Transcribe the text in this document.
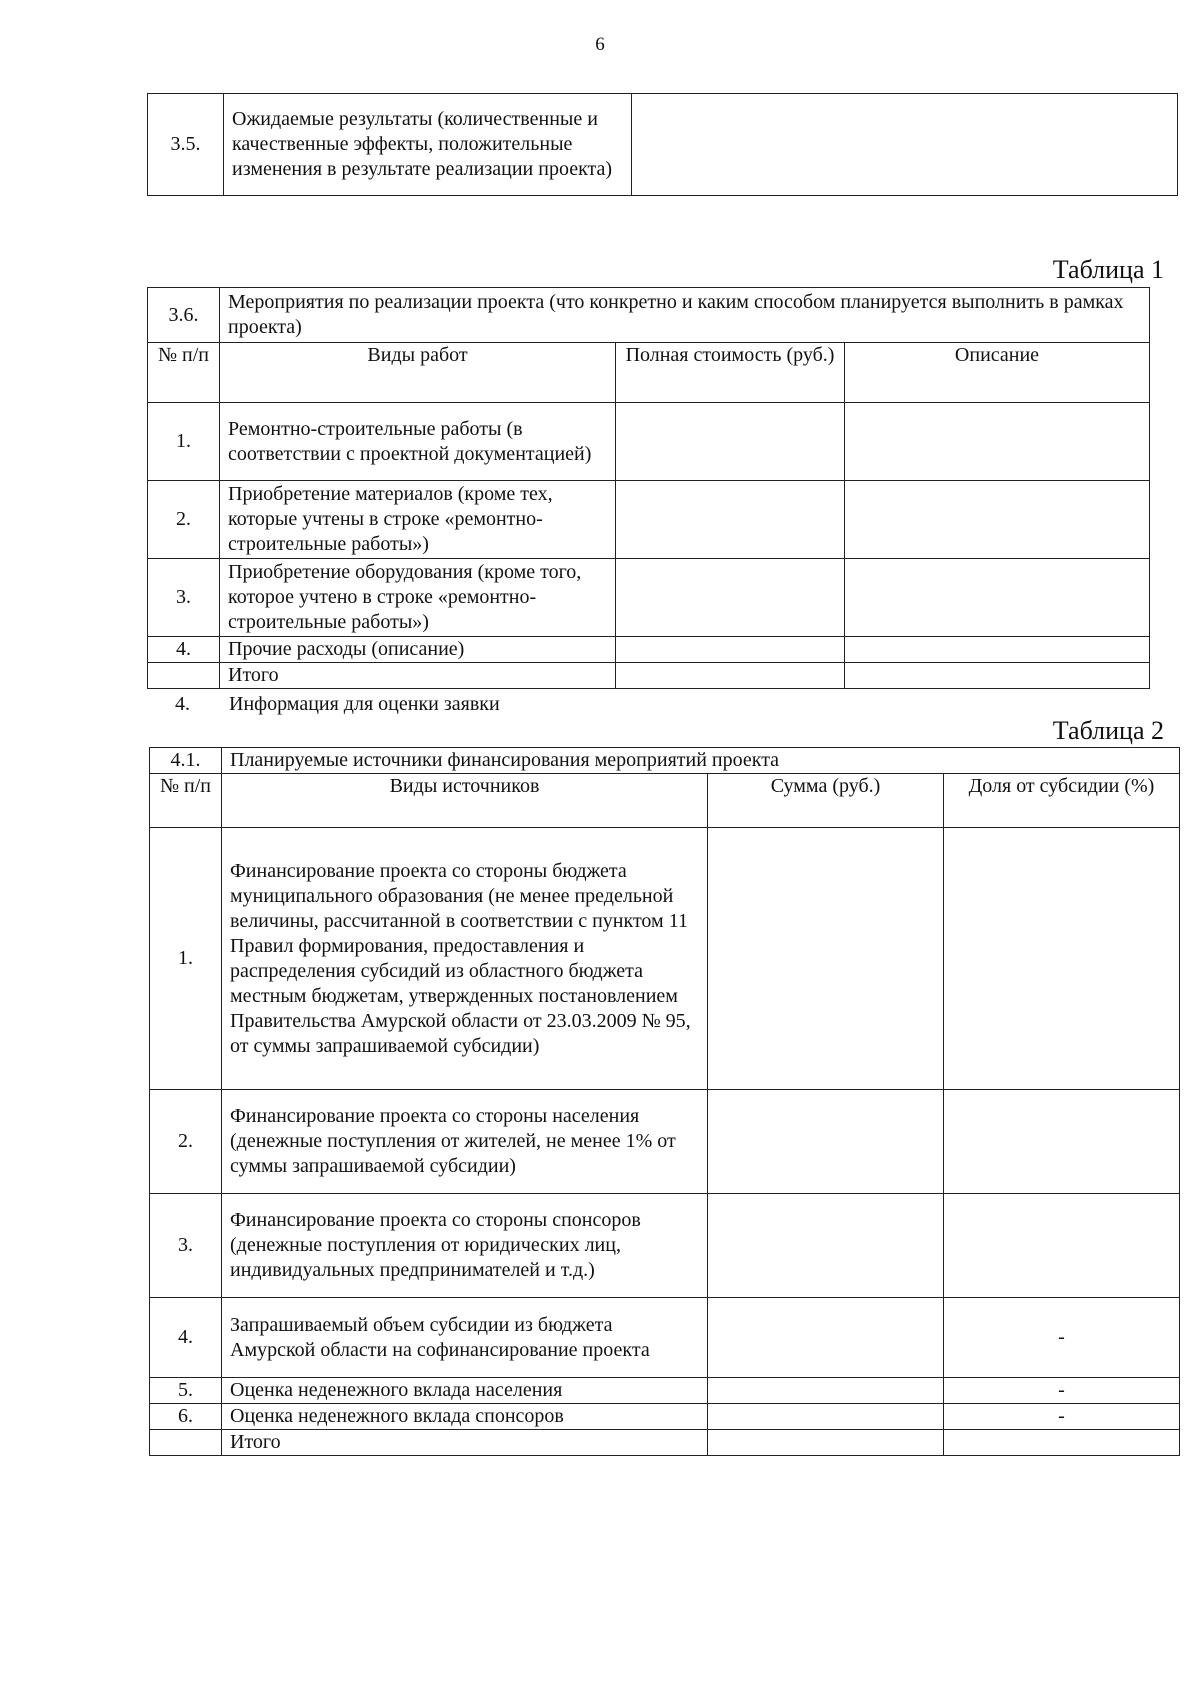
6
3.5.	Ожидаемые результаты (количественные и качественные эффекты, положительные изменения в результате реализации проекта)	
Таблица 1
3.6.	Мероприятия по реализации проекта (что конкретно и каким способом планируется выполнить в рамках проекта)		
№ п/п	Виды работ	Полная стоимость (руб.)	Описание
1.	Ремонтно-строительные работы (в соответствии с проектной документацией)		
2.	Приобретение материалов (кроме тех, которые учтены в строке «ремонтно-строительные работы»)		
3.	Приобретение оборудования (кроме того, которое учтено в строке «ремонтно-строительные работы»)		
4.	Прочие расходы (описание)		
	Итого		
4. Информация для оценки заявки
Таблица 2
4.1.	Планируемые источники финансирования мероприятий проекта		
№ п/п	Виды источников	Сумма (руб.)	Доля от субсидии (%)
1.	Финансирование проекта со стороны бюджета муниципального образования (не менее предельной величины, рассчитанной в соответствии с пунктом 11 Правил формирования, предоставления и распределения субсидий из областного бюджета местным бюджетам, утвержденных постановлением Правительства Амурской области от 23.03.2009 № 95, от суммы запрашиваемой субсидии)		
2.	Финансирование проекта со стороны населения (денежные поступления от жителей, не менее 1% от суммы запрашиваемой субсидии)		
3.	Финансирование проекта со стороны спонсоров (денежные поступления от юридических лиц, индивидуальных предпринимателей и т.д.)		
4.	Запрашиваемый объем субсидии из бюджета Амурской области на софинансирование проекта		-
5.	Оценка неденежного вклада населения		-
6.	Оценка неденежного вклада спонсоров		-
	Итого		
